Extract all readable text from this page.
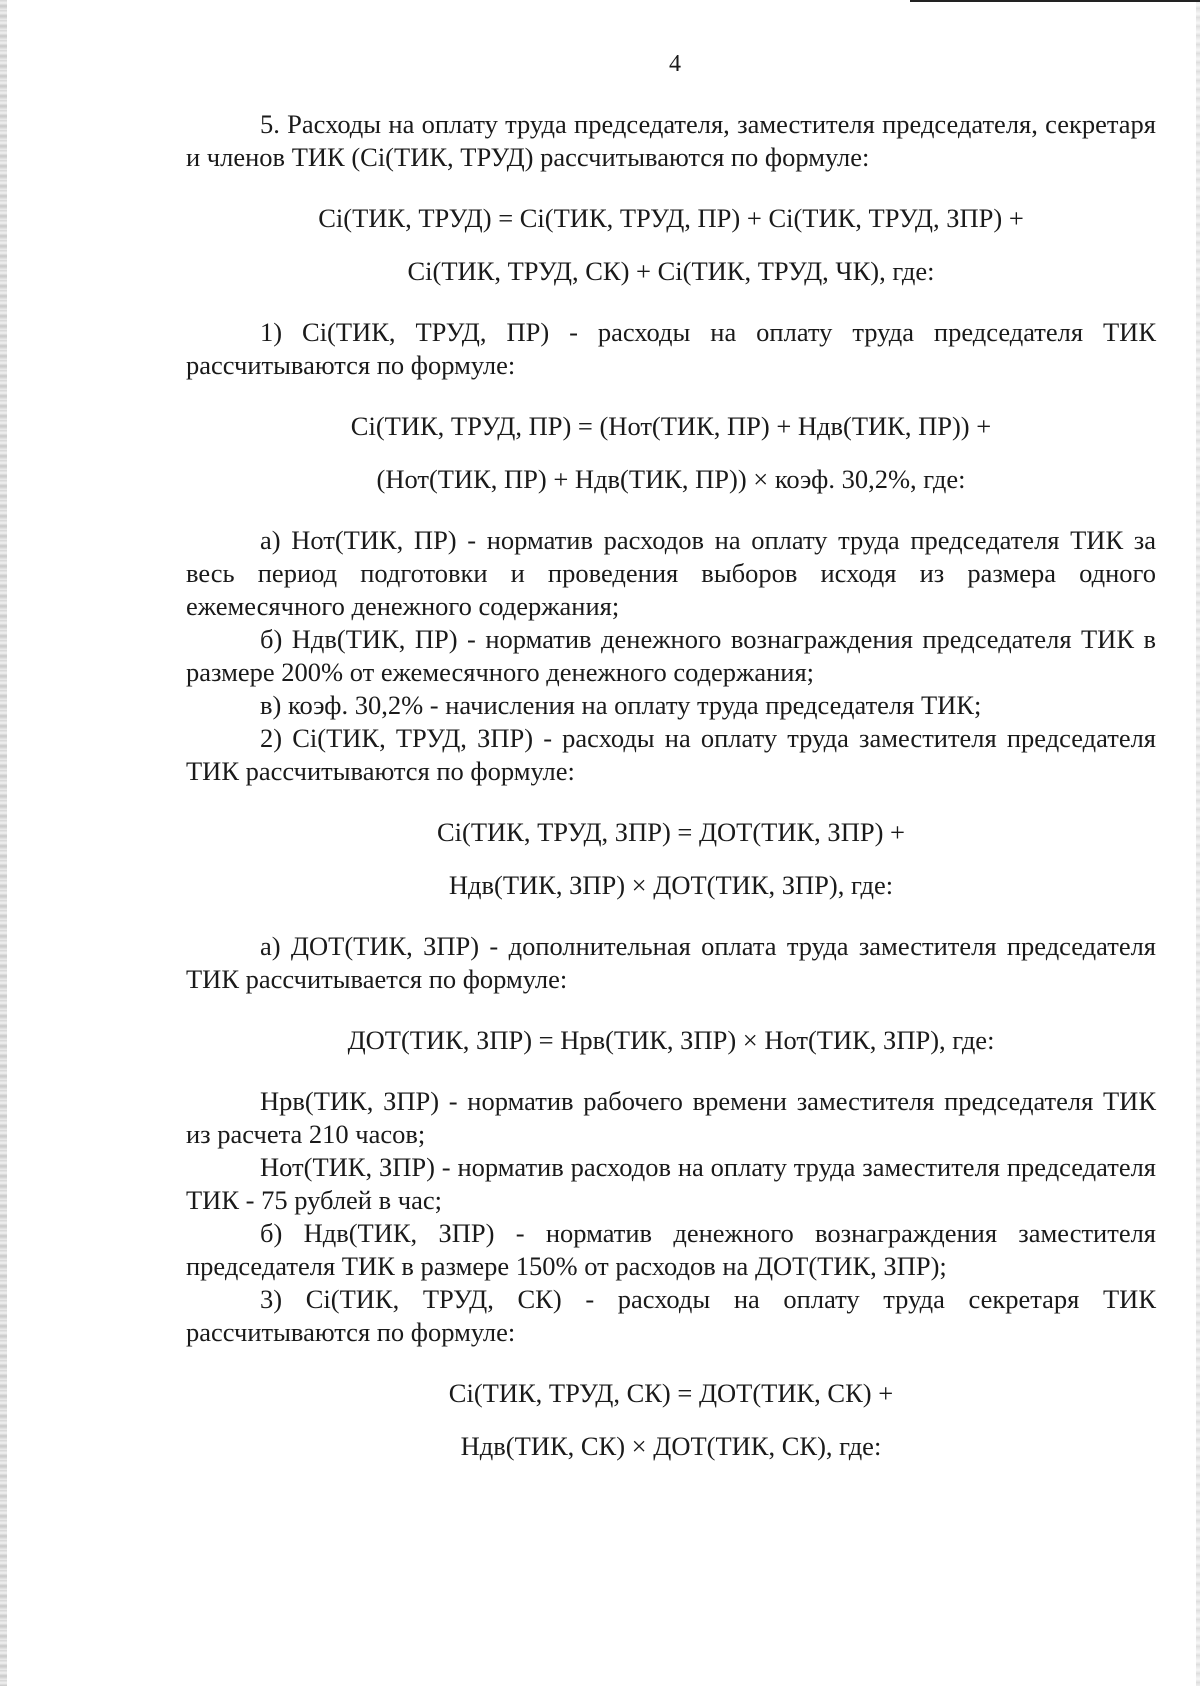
4

5. Расходы на оплату труда председателя, заместителя председателя, секретаря и членов ТИК (Ci(ТИК, ТРУД) рассчитываются по формуле:

Ci(ТИК, ТРУД) = Ci(ТИК, ТРУД, ПР) + Ci(ТИК, ТРУД, ЗПР) +

Ci(ТИК, ТРУД, СК) + Ci(ТИК, ТРУД, ЧК), где:

1) Ci(ТИК, ТРУД, ПР) - расходы на оплату труда председателя ТИК рассчитываются по формуле:

Ci(ТИК, ТРУД, ПР) = (Нот(ТИК, ПР) + Ндв(ТИК, ПР)) +

(Нот(ТИК, ПР) + Ндв(ТИК, ПР)) × коэф. 30,2%, где:

а) Нот(ТИК, ПР) - норматив расходов на оплату труда председателя ТИК за весь период подготовки и проведения выборов исходя из размера одного ежемесячного денежного содержания;

б) Ндв(ТИК, ПР) - норматив денежного вознаграждения председателя ТИК в размере 200% от ежемесячного денежного содержания;

в) коэф. 30,2% - начисления на оплату труда председателя ТИК;

2) Ci(ТИК, ТРУД, ЗПР) - расходы на оплату труда заместителя председателя ТИК рассчитываются по формуле:

Ci(ТИК, ТРУД, ЗПР) = ДОТ(ТИК, ЗПР) +

Ндв(ТИК, ЗПР) × ДОТ(ТИК, ЗПР), где:

а) ДОТ(ТИК, ЗПР) - дополнительная оплата труда заместителя председателя ТИК рассчитывается по формуле:

ДОТ(ТИК, ЗПР) = Нрв(ТИК, ЗПР) × Нот(ТИК, ЗПР), где:

Нрв(ТИК, ЗПР) - норматив рабочего времени заместителя председателя ТИК из расчета 210 часов;

Нот(ТИК, ЗПР) - норматив расходов на оплату труда заместителя председателя ТИК - 75 рублей в час;

б) Ндв(ТИК, ЗПР) - норматив денежного вознаграждения заместителя председателя ТИК в размере 150% от расходов на ДОТ(ТИК, ЗПР);

3) Ci(ТИК, ТРУД, СК) - расходы на оплату труда секретаря ТИК рассчитываются по формуле:

Ci(ТИК, ТРУД, СК) = ДОТ(ТИК, СК) +

Ндв(ТИК, СК) × ДОТ(ТИК, СК), где:
